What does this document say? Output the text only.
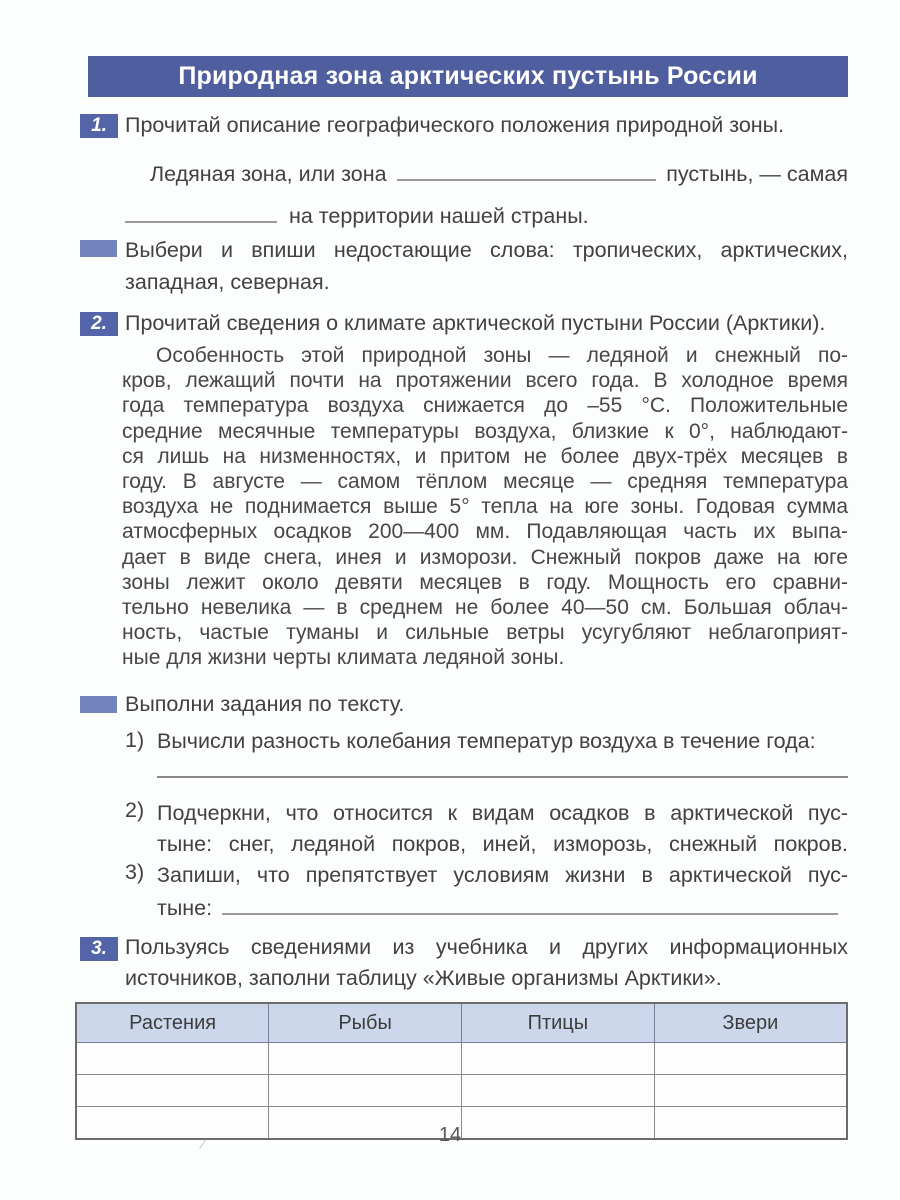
Природная зона арктических пустынь России
1. Прочитай описание географического положения природной зоны.
Ледяная зона, или зона	пустынь, — самая
на территории нашей страны.
Выбери и впиши недостающие слова: тропических, арктических,
западная, северная.
2. Прочитай сведения о климате арктической пустыни России (Арктики).
Особенность этой природной зоны — ледяной и снежный по-
кров, лежащий почти на протяжении всего года. В холодное время
года температура воздуха снижается до –55 °С. Положительные
средние месячные температуры воздуха, близкие к 0°, наблюдают-
ся лишь на низменностях, и притом не более двух-трёх месяцев в
году. В августе — самом тёплом месяце — средняя температура
воздуха не поднимается выше 5° тепла на юге зоны. Годовая сумма
атмосферных осадков 200—400 мм. Подавляющая часть их выпа-
дает в виде снега, инея и изморози. Снежный покров даже на юге
зоны лежит около девяти месяцев в году. Мощность его сравни-
тельно невелика — в среднем не более 40—50 см. Большая облач-
ность, частые туманы и сильные ветры усугубляют неблагоприят-
ные для жизни черты климата ледяной зоны.
Выполни задания по тексту.
1) Вычисли разность колебания температур воздуха в течение года:
2) Подчеркни, что относится к видам осадков в арктической пус-
тыне: снег, ледяной покров, иней, изморозь, снежный покров.
3) Запиши, что препятствует условиям жизни в арктической пус-
тыне:
3. Пользуясь сведениями из учебника и других информационных
источников, заполни таблицу «Живые организмы Арктики».
Растения	Рыбы	Птицы	Звери

14
⁄
